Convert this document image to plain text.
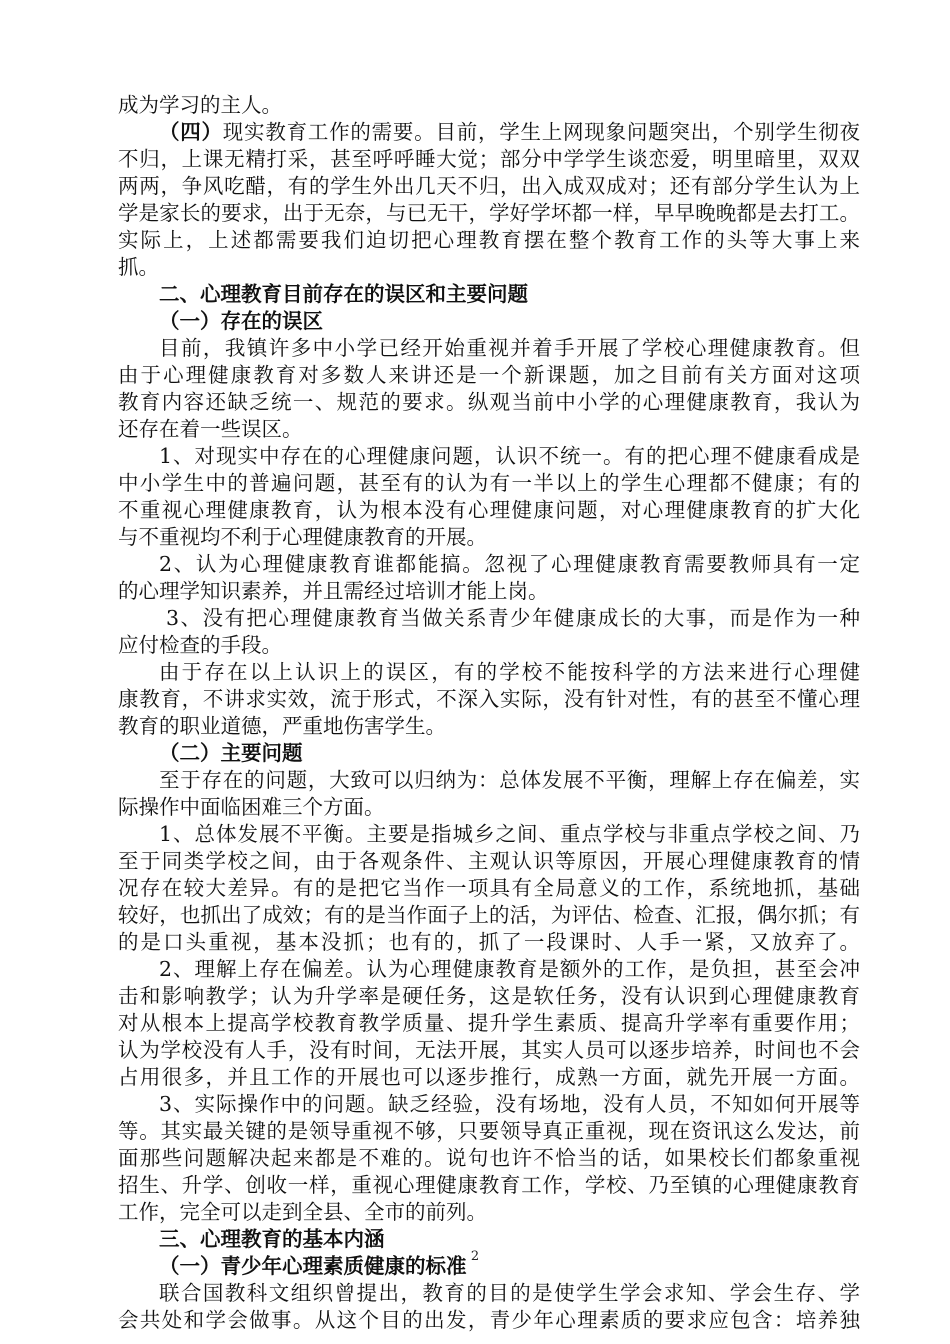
成为学习的主人。
（四）现实教育工作的需要。目前，学生上网现象问题突出，个别学生彻夜
不归，上课无精打采，甚至呼呼睡大觉；部分中学学生谈恋爱，明里暗里，双双
两两，争风吃醋，有的学生外出几天不归，出入成双成对；还有部分学生认为上
学是家长的要求，出于无奈，与已无干，学好学坏都一样，早早晚晚都是去打工。
实际上，上述都需要我们迫切把心理教育摆在整个教育工作的头等大事上来
抓。
二、心理教育目前存在的误区和主要问题
（一）存在的误区
目前，我镇许多中小学已经开始重视并着手开展了学校心理健康教育。但
由于心理健康教育对多数人来讲还是一个新课题，加之目前有关方面对这项
教育内容还缺乏统一、规范的要求。纵观当前中小学的心理健康教育，我认为
还存在着一些误区。
1、对现实中存在的心理健康问题，认识不统一。有的把心理不健康看成是
中小学生中的普遍问题，甚至有的认为有一半以上的学生心理都不健康；有的
不重视心理健康教育，认为根本没有心理健康问题，对心理健康教育的扩大化
与不重视均不利于心理健康教育的开展。
2、认为心理健康教育谁都能搞。忽视了心理健康教育需要教师具有一定
的心理学知识素养，并且需经过培训才能上岗。
3、没有把心理健康教育当做关系青少年健康成长的大事，而是作为一种
应付检查的手段。
由于存在以上认识上的误区，有的学校不能按科学的方法来进行心理健
康教育，不讲求实效，流于形式，不深入实际，没有针对性，有的甚至不懂心理
教育的职业道德，严重地伤害学生。
（二）主要问题
至于存在的问题，大致可以归纳为：总体发展不平衡，理解上存在偏差，实
际操作中面临困难三个方面。
1、总体发展不平衡。主要是指城乡之间、重点学校与非重点学校之间、乃
至于同类学校之间，由于各观条件、主观认识等原因，开展心理健康教育的情
况存在较大差异。有的是把它当作一项具有全局意义的工作，系统地抓，基础
较好，也抓出了成效；有的是当作面子上的活，为评估、检查、汇报，偶尔抓；有
的是口头重视，基本没抓；也有的，抓了一段课时、人手一紧，又放弃了。
2、理解上存在偏差。认为心理健康教育是额外的工作，是负担，甚至会冲
击和影响教学；认为升学率是硬任务，这是软任务，没有认识到心理健康教育
对从根本上提高学校教育教学质量、提升学生素质、提高升学率有重要作用；
认为学校没有人手，没有时间，无法开展，其实人员可以逐步培养，时间也不会
占用很多，并且工作的开展也可以逐步推行，成熟一方面，就先开展一方面。
3、实际操作中的问题。缺乏经验，没有场地，没有人员，不知如何开展等
等。其实最关键的是领导重视不够，只要领导真正重视，现在资讯这么发达，前
面那些问题解决起来都是不难的。说句也许不恰当的话，如果校长们都象重视
招生、升学、创收一样，重视心理健康教育工作，学校、乃至镇的心理健康教育
工作，完全可以走到全县、全市的前列。
三、心理教育的基本内涵
（一）青少年心理素质健康的标准
联合国教科文组织曾提出，教育的目的是使学生学会求知、学会生存、学
会共处和学会做事。从这个目的出发，青少年心理素质的要求应包含：培养独
2
